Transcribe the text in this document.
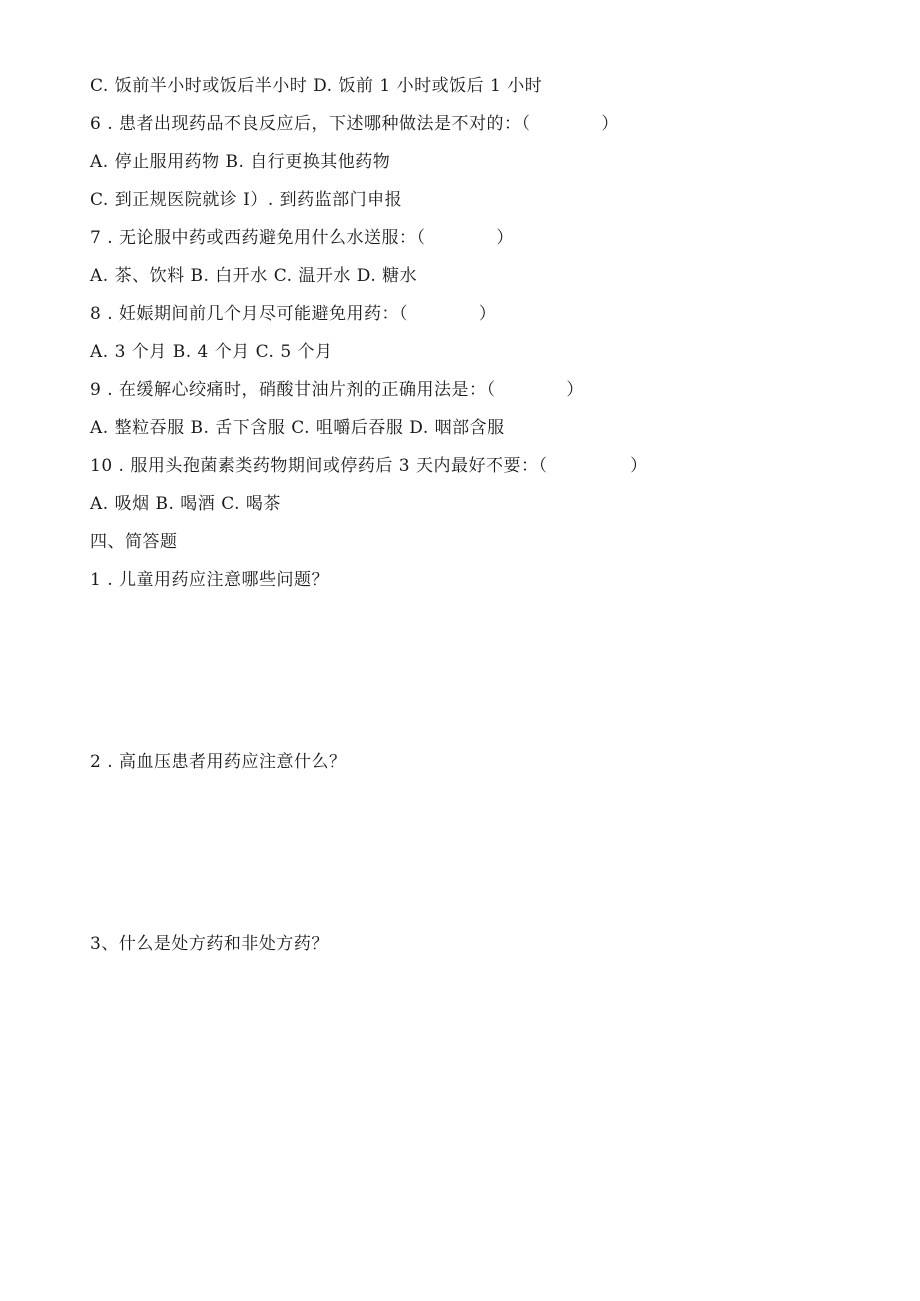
C. 饭前半小时或饭后半小时 D. 饭前 1 小时或饭后 1 小时
6 . 患者出现药品不良反应后，下述哪种做法是不对的：（            ）
A. 停止服用药物 B. 自行更换其他药物
C. 到正规医院就诊 I）. 到药监部门申报
7 . 无论服中药或西药避免用什么水送服：（            ）
A. 茶、饮料 B. 白开水 C. 温开水 D. 糖水
8 . 妊娠期间前几个月尽可能避免用药：（            ）
A. 3 个月 B. 4 个月 C. 5 个月
9 . 在缓解心绞痛时，硝酸甘油片剂的正确用法是：（            ）
A. 整粒吞服 B. 舌下含服 C. 咀嚼后吞服 D. 咽部含服
10 . 服用头孢菌素类药物期间或停药后 3 天内最好不要：（              ）
A. 吸烟 B. 喝酒 C. 喝茶
四、简答题
1 . 儿童用药应注意哪些问题？
2 . 高血压患者用药应注意什么？
3、什么是处方药和非处方药？
